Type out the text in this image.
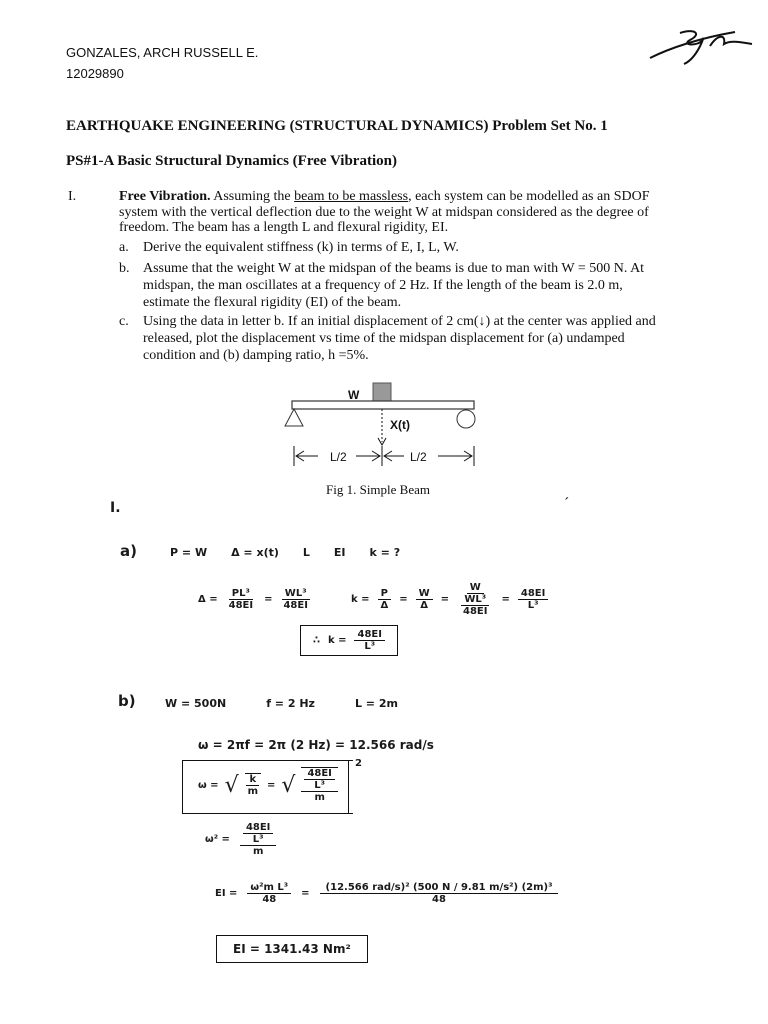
GONZALES, ARCH RUSSELL E.
12029890
EARTHQUAKE ENGINEERING (STRUCTURAL DYNAMICS) Problem Set No. 1
PS#1-A Basic Structural Dynamics (Free Vibration)
I.	Free Vibration. Assuming the beam to be massless, each system can be modelled as an SDOF
system with the vertical deflection due to the weight W at midspan considered as the degree of
freedom. The beam has a length L and flexural rigidity, EI.
a. Derive the equivalent stiffness (k) in terms of E, I, L, W.
b. Assume that the weight W at the midspan of the beams is due to man with W = 500 N. At
midspan, the man oscillates at a frequency of 2 Hz. If the length of the beam is 2.0 m,
estimate the flexural rigidity (EI) of the beam.
c. Using the data in letter b. If an initial displacement of 2 cm(↓) at the center was applied and
released, plot the displacement vs time of the midspan displacement for (a) undamped
condition and (b) damping ratio, h =5%.
W
X(t)
L/2	L/2
Fig 1. Simple Beam
I.	´
a)	P = W Δ = x(t) L EI k = ?
$\Delta = \frac{\text{PL³}}{48EI} = \frac{\text{WL³}}{48EI}$	$k = \frac{P}{\Delta} = \frac{W}{\Delta} = \frac{W}{\frac{\text{WL³}}{48EI}} = \frac{48EI}{\text{L³}}$
∴ $k = \frac{48EI}{\text{L³}}$
b)	W = 500N	f = 2 Hz	L = 2m
ω = 2πf = 2π (2 Hz) = 12.566 rad/s
2
ω = √ $\frac{k}{m}$ = √ $\frac{\frac{48EI}{\text{L³}}}{m}$
$\omega^2 = \frac{\frac{48EI}{\text{L³}}}{m}$
EI = $\frac{\text{ω²m L³}}{48} = \frac{\text{(12.566 rad/s)² (500 N / 9.81 m/s²) (2m)³}}{48}$
EI = 1341.43 Nm²
